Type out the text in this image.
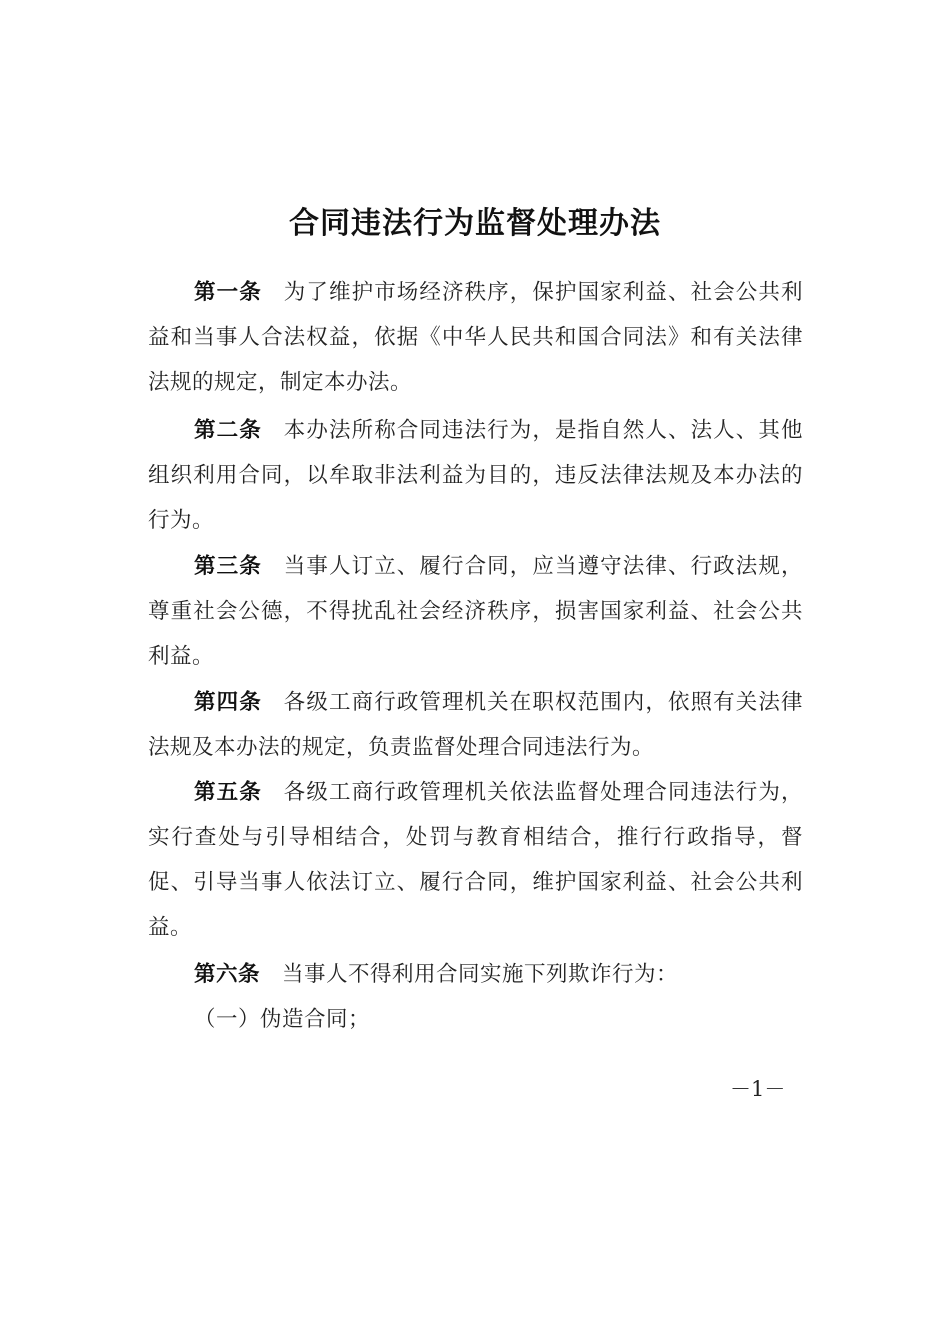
合同违法行为监督处理办法

第一条 为了维护市场经济秩序，保护国家利益、社会公共利益和当事人合法权益，依据《中华人民共和国合同法》和有关法律法规的规定，制定本办法。

第二条 本办法所称合同违法行为，是指自然人、法人、其他组织利用合同，以牟取非法利益为目的，违反法律法规及本办法的行为。

第三条 当事人订立、履行合同，应当遵守法律、行政法规，尊重社会公德，不得扰乱社会经济秩序，损害国家利益、社会公共利益。

第四条 各级工商行政管理机关在职权范围内，依照有关法律法规及本办法的规定，负责监督处理合同违法行为。

第五条 各级工商行政管理机关依法监督处理合同违法行为，实行查处与引导相结合，处罚与教育相结合，推行行政指导，督促、引导当事人依法订立、履行合同，维护国家利益、社会公共利益。

第六条 当事人不得利用合同实施下列欺诈行为：

（一）伪造合同；
－1－
